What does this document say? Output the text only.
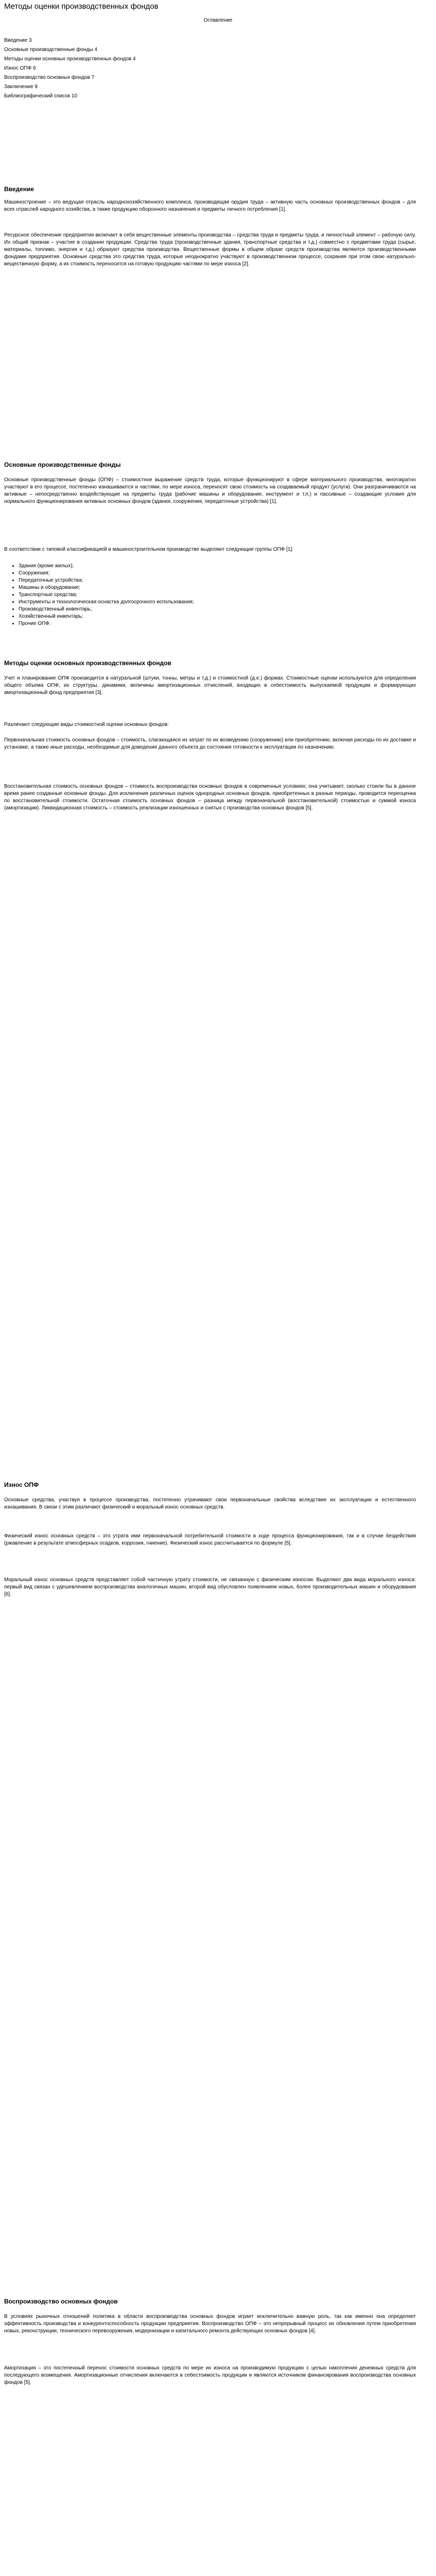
Методы оценки производственных фондов
Оглавление
Введение 3
Основные производственные фонды 4
Методы оценки основных производственных фондов 4
Износ ОПФ 6
Воспроизводство основных фондов 7
Заключение 9
Библиографический список 10
Введение
Машиностроение – это ведущая отрасль народнохозяйственного комплекса, производящая орудия труда – активную часть основных производственных фондов – для всех отраслей народного хозяйства, а также продукцию оборонного назначения и предметы личного потребления [1].
Ресурсное обеспечение предприятия включает в себя вещественные элементы производства – средства труда и предметы труда, и личностный элемент – рабочую силу. Их общий признак – участие в создании продукции. Средства труда (производственные здания, транспортные средства и т.д.) совместно с предметами труда (сырье, материалы, топливо, энергия и т.д.) образуют средства производства. Вещественные формы в общем образе средств производства являются производственными фондами предприятия. Основные средства это средства труда, которые неоднократно участвуют в производственном процессе, сохраняя при этом свою натурально-вещественную форму, а их стоимость переносится на готовую продукцию частями по мере износа [2].
Основные производственные фонды
Основные производственные фонды (ОПФ) – стоимостное выражение средств труда, которые функционируют в сфере материального производства, многократно участвуют в его процессе, постепенно изнашиваются и частями, по мере износа, переносят свою стоимость на создаваемый продукт (услуги). Они разграничиваются на активные – непосредственно воздействующие на предметы труда (рабочие машины и оборудование, инструмент и т.п.) и пассивные – создающие условия для нормального функционирования активных основных фондов (здания, сооружения, передаточные устройства) [1].
В соответствии с типовой классификацией в машиностроительном производстве выделяют следующие группы ОПФ [1]:
• Здания (кроме жилых);
• Сооружения;
• Передаточные устройства;
• Машины и оборудование;
• Транспортные средства;
• Инструменты и технологическая оснастка долгосрочного использования;
• Производственный инвентарь;
• Хозяйственный инвентарь;
• Прочие ОПФ.
Методы оценки основных производственных фондов
Учет и планирование ОПФ производится в натуральной (штуки, тонны, метры и т.д.) и стоимостной (д.е.) формах. Стоимостные оценки используются для определения общего объема ОПФ, их структуры, динамики, величины амортизационных отчислений, входящих в себестоимость выпускаемой продукции и формирующих амортизационный фонд предприятия [3].
Различают следующие виды стоимостной оценки основных фондов:
Первоначальная стоимость основных фондов – стоимость, слагающаяся из затрат по их возведению (сооружению) или приобретению, включая расходы по их доставке и установке, а также иные расходы, необходимые для доведения данного объекта до состояния готовности к эксплуатации по назначению.
Восстановительная стоимость основных фондов – стоимость воспроизводства основных фондов в современных условиях; она учитывает, сколько стоили бы в данное время ранее созданные основные фонды. Для исключения различных оценок однородных основных фондов, приобретенных в разные периоды, проводится переоценка по восстановительной стоимости. Остаточная стоимость основных фондов – разница между первоначальной (восстановительной) стоимостью и суммой износа (амортизации). Ликвидационная стоимость – стоимость реализации изношенных и снятых с производства основных фондов [5].
Износ ОПФ
Основные средства, участвуя в процессе производства, постепенно утрачивают свои первоначальные свойства вследствие их эксплуатации и естественного изнашивания. В связи с этим различают физический и моральный износ основных средств.
Физический износ основных средств – это утрата ими первоначальной потребительной стоимости в ходе процесса функционирования, так и в случае бездействия (ржавление в результате атмосферных осадков, коррозии, гниение). Физический износ рассчитывается по формуле [5].
Моральный износ основных средств представляет собой частичную утрату стоимости, не связанную с физическим износом. Выделяют два вида морального износа: первый вид связан с удешевлением воспроизводства аналогичных машин, второй вид обусловлен появлением новых, более производительных машин и оборудования [6].
Воспроизводство основных фондов
В условиях рыночных отношений политика в области воспроизводства основных фондов играет исключительно важную роль, так как именно она определяет эффективность производства и конкурентоспособность продукции предприятия. Воспроизводство ОПФ – это непрерывный процесс их обновления путем приобретения новых, реконструкции, технического перевооружения, модернизации и капитального ремонта действующих основных фондов [4].
Амортизация – это постепенный перенос стоимости основных средств по мере их износа на производимую продукцию с целью накопления денежных средств для последующего возмещения. Амортизационные отчисления включаются в себестоимость продукции и являются источником финансирования воспроизводства основных фондов [5].
